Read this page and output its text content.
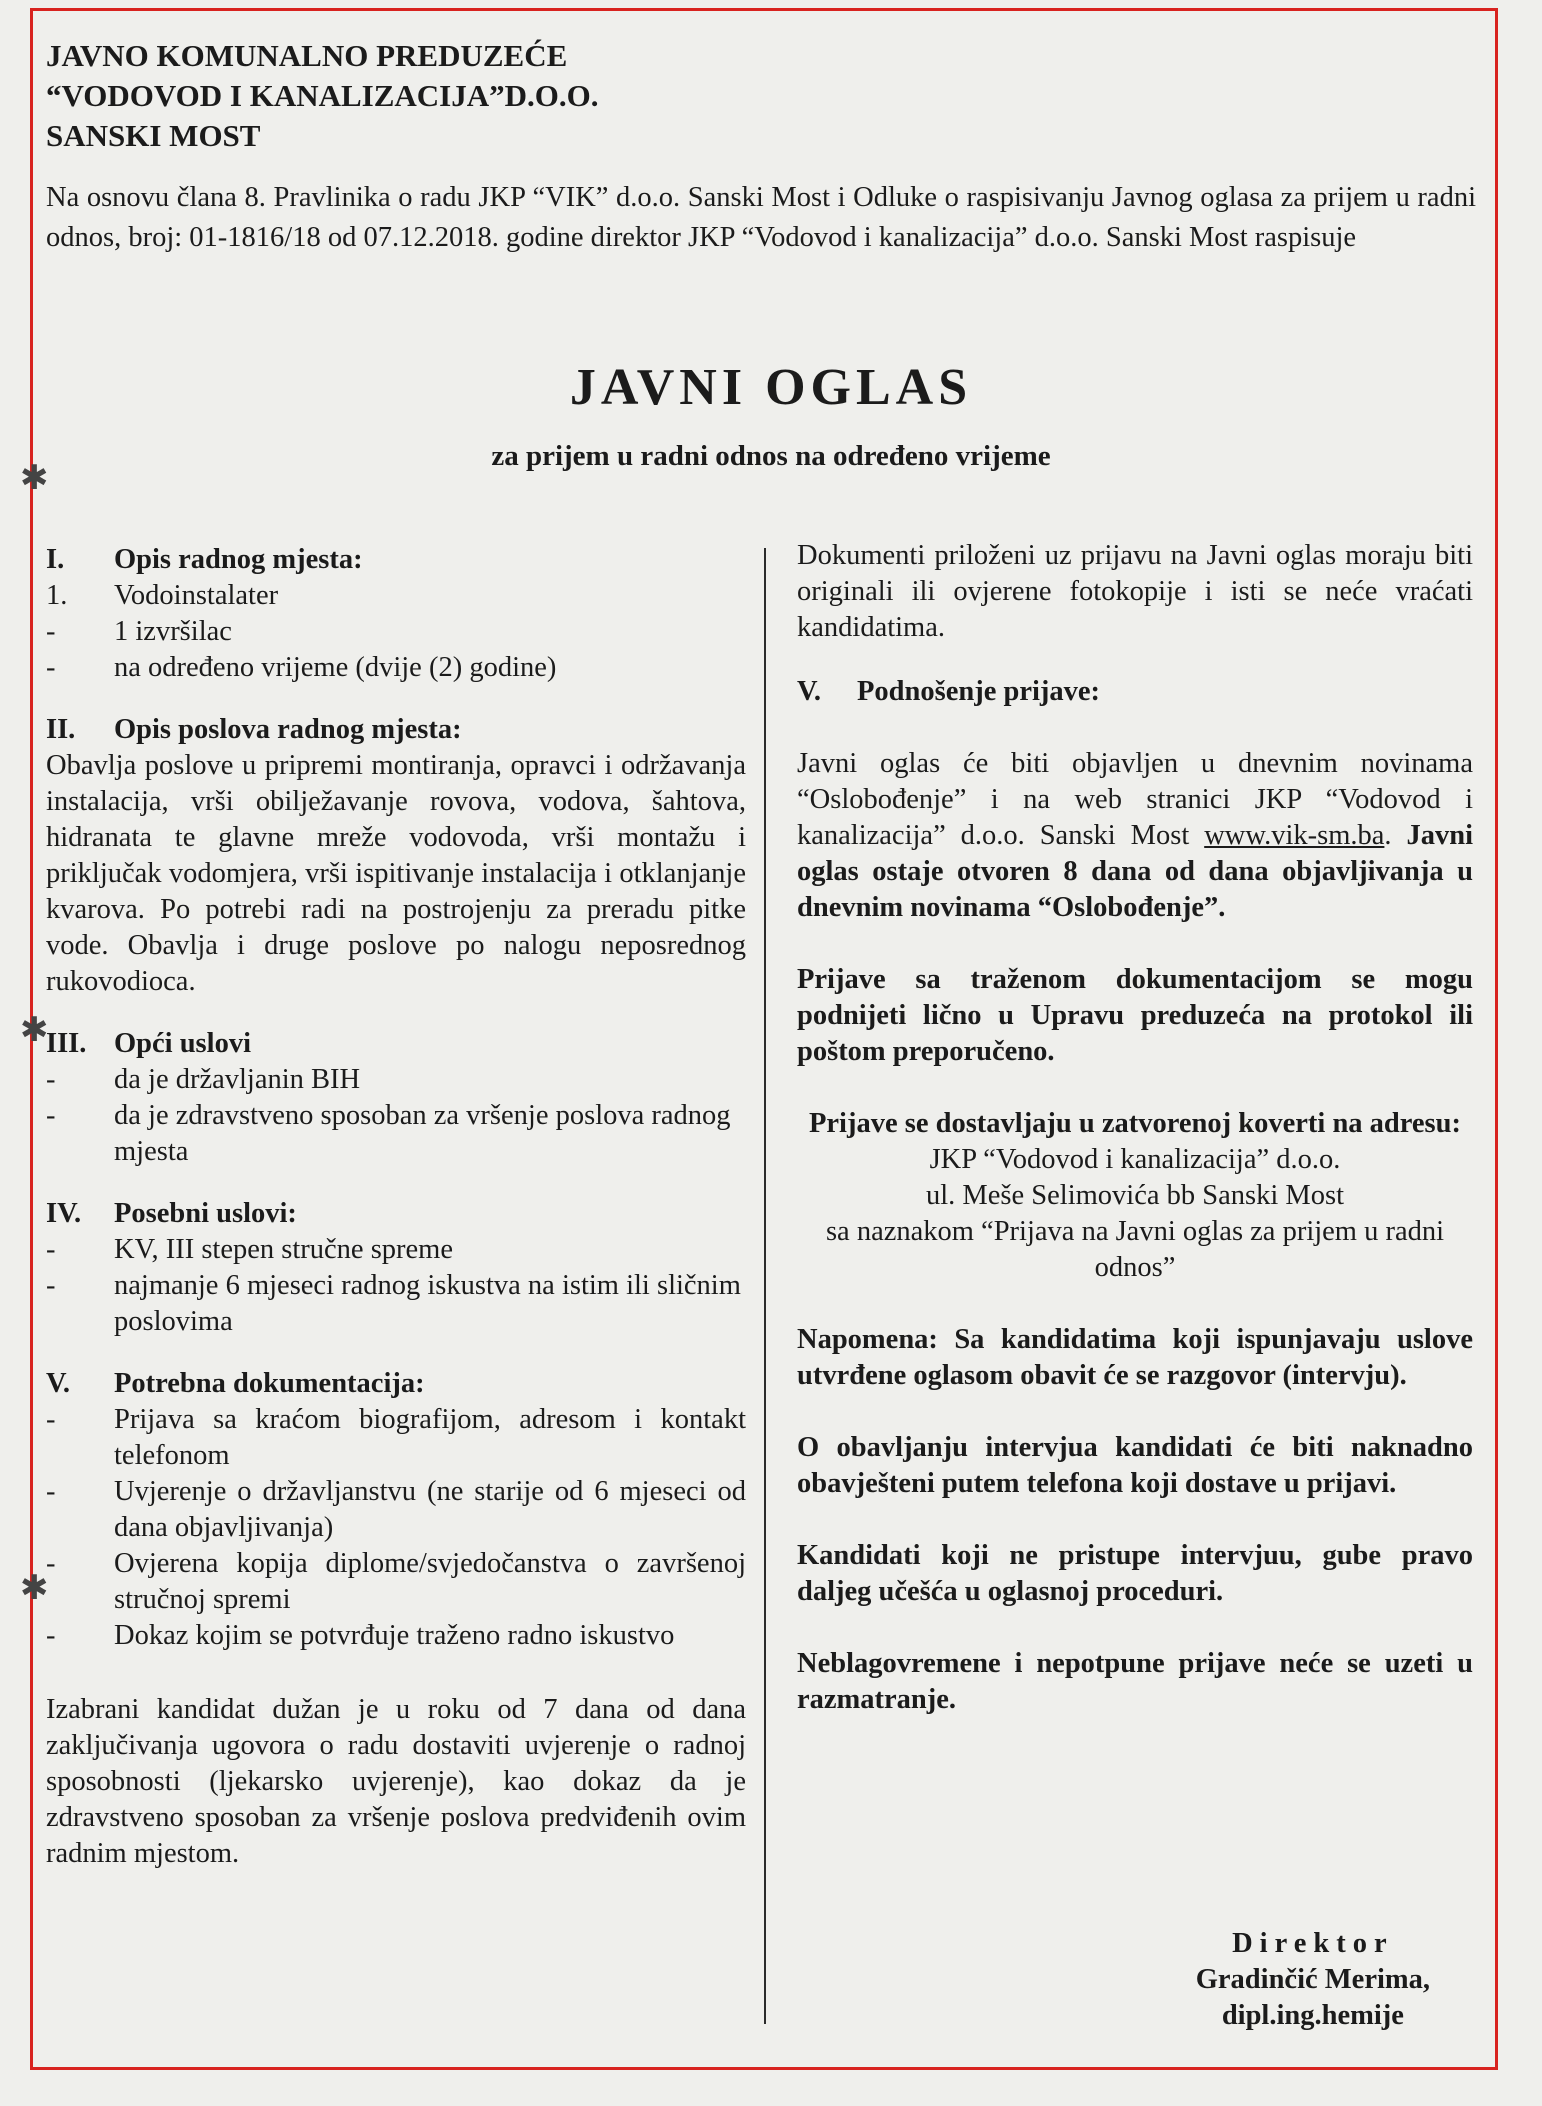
JAVNO KOMUNALNO PREDUZEĆE
“VODOVOD I KANALIZACIJA”D.O.O.
SANSKI MOST
Na osnovu člana 8. Pravlinika o radu JKP “VIK” d.o.o. Sanski Most i Odluke o raspisivanju Javnog oglasa za prijem u radni odnos, broj: 01-1816/18 od 07.12.2018. godine direktor JKP “Vodovod i kanalizacija” d.o.o. Sanski Most raspisuje
JAVNI OGLAS
za prijem u radni odnos na određeno vrijeme
I.	Opis radnog mjesta:
1.	Vodoinstalater
-	1 izvršilac
-	na određeno vrijeme (dvije (2) godine)
II.	Opis poslova radnog mjesta:
Obavlja poslove u pripremi montiranja, opravci i održavanja instalacija, vrši obilježavanje rovova, vodova, šahtova, hidranata te glavne mreže vodovoda, vrši montažu i priključak vodomjera, vrši ispitivanje instalacija i otklanjanje kvarova. Po potrebi radi na postrojenju za preradu pitke vode. Obavlja i druge poslove po nalogu neposrednog rukovodioca.
III. Opći uslovi
-	da je državljanin BIH
-	da je zdravstveno sposoban za vršenje poslova radnog mjesta
IV.	Posebni uslovi:
-	KV, III stepen stručne spreme
-	najmanje 6 mjeseci radnog iskustva na istim ili sličnim poslovima
V.	Potrebna dokumentacija:
-	Prijava sa kraćom biografijom, adresom i kontakt telefonom
-	Uvjerenje o državljanstvu (ne starije od 6 mjeseci od dana objavljivanja)
-	Ovjerena kopija diplome/svjedočanstva o završenoj stručnoj spremi
-	Dokaz kojim se potvrđuje traženo radno iskustvo
Izabrani kandidat dužan je u roku od 7 dana od dana zaključivanja ugovora o radu dostaviti uvjerenje o radnoj sposobnosti (ljekarsko uvjerenje), kao dokaz da je zdravstveno sposoban za vršenje poslova predviđenih ovim radnim mjestom.
Dokumenti priloženi uz prijavu na Javni oglas moraju biti originali ili ovjerene fotokopije i isti se neće vraćati kandidatima.
V.	Podnošenje prijave:
Javni oglas će biti objavljen u dnevnim novinama “Oslobođenje” i na web stranici JKP “Vodovod i kanalizacija” d.o.o. Sanski Most www.vik-sm.ba. Javni oglas ostaje otvoren 8 dana od dana objavljivanja u dnevnim novinama “Oslobođenje”.
Prijave sa traženom dokumentacijom se mogu podnijeti lično u Upravu preduzeća na protokol ili poštom preporučeno.
Prijave se dostavljaju u zatvorenoj koverti na adresu:
JKP “Vodovod i kanalizacija” d.o.o.
ul. Meše Selimovića bb Sanski Most
sa naznakom “Prijava na Javni oglas za prijem u radni odnos”
Napomena: Sa kandidatima koji ispunjavaju uslove utvrđene oglasom obavit će se razgovor (intervju).
O obavljanju intervjua kandidati će biti naknadno obavješteni putem telefona koji dostave u prijavi.
Kandidati koji ne pristupe intervjuu, gube pravo daljeg učešća u oglasnoj proceduri.
Neblagovremene i nepotpune prijave neće se uzeti u razmatranje.
Direktor
Gradinčić Merima,
dipl.ing.hemije
✱
✱
✱
